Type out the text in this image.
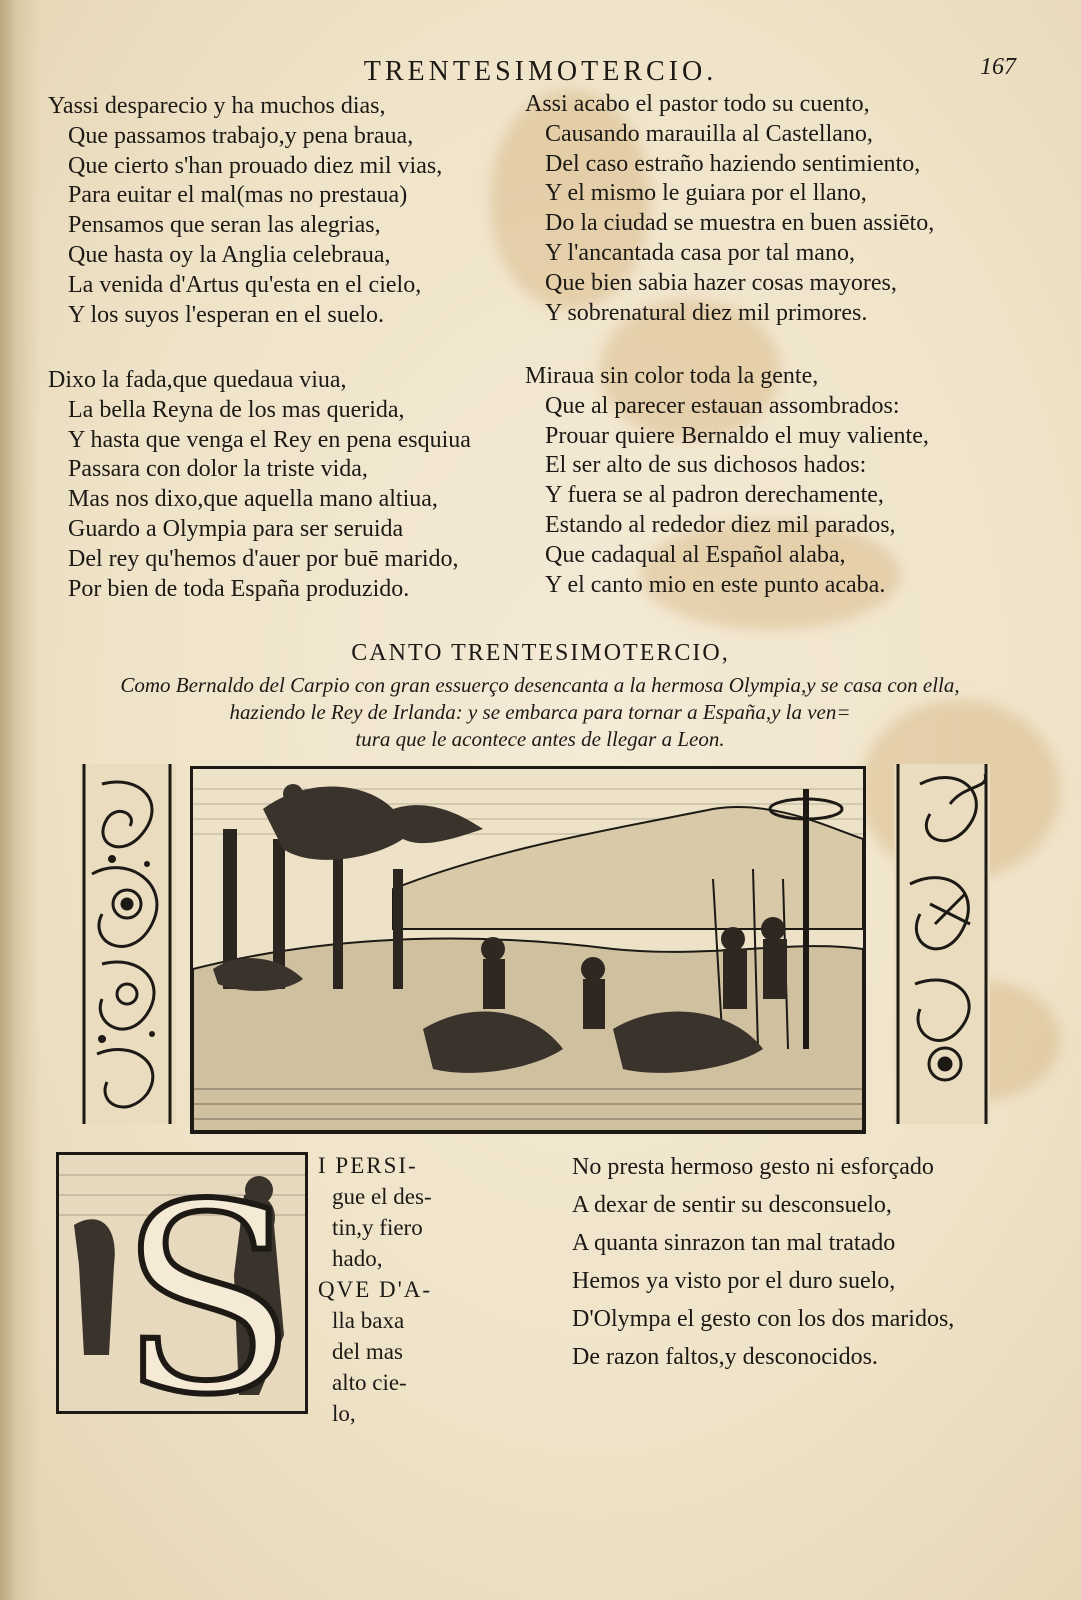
TRENTESIMOTERCIO.	167
Yassi desparecio y ha muchos dias,
Que passamos trabajo,y pena braua,
Que cierto s'han prouado diez mil vias,
Para euitar el mal(mas no prestaua)
Pensamos que seran las alegrias,
Que hasta oy la Anglia celebraua,
La venida d'Artus qu'esta en el cielo,
Y los suyos l'esperan en el suelo.
Assi acabo el pastor todo su cuento,
Causando marauilla al Castellano,
Del caso estraño haziendo sentimiento,
Y el mismo le guiara por el llano,
Do la ciudad se muestra en buen assiēto,
Y l'ancantada casa por tal mano,
Que bien sabia hazer cosas mayores,
Y sobrenatural diez mil primores.
Dixo la fada,que quedaua viua,
La bella Reyna de los mas querida,
Y hasta que venga el Rey en pena esquiua
Passara con dolor la triste vida,
Mas nos dixo,que aquella mano altiua,
Guardo a Olympia para ser seruida
Del rey qu'hemos d'auer por buē marido,
Por bien de toda España produzido.
Miraua sin color toda la gente,
Que al parecer estauan assombrados:
Prouar quiere Bernaldo el muy valiente,
El ser alto de sus dichosos hados:
Y fuera se al padron derechamente,
Estando al rededor diez mil parados,
Que cadaqual al Español alaba,
Y el canto mio en este punto acaba.
CANTO TRENTESIMOTERCIO,
Como Bernaldo del Carpio con gran essuerço desencanta a la hermosa Olympia,y se casa con ella,
haziendo le Rey de Irlanda: y se embarca para tornar a España,y la ven=
tura que le acontece antes de llegar a Leon.
S I PERSI-
gue el des-
tin,y fiero
hado,
QVE D'A-
lla baxa
del mas
alto cie-
lo,
No presta hermoso gesto ni esforçado
A dexar de sentir su desconsuelo,
A quanta sinrazon tan mal tratado
Hemos ya visto por el duro suelo,
D'Olympa el gesto con los dos maridos,
De razon faltos,y desconocidos.
